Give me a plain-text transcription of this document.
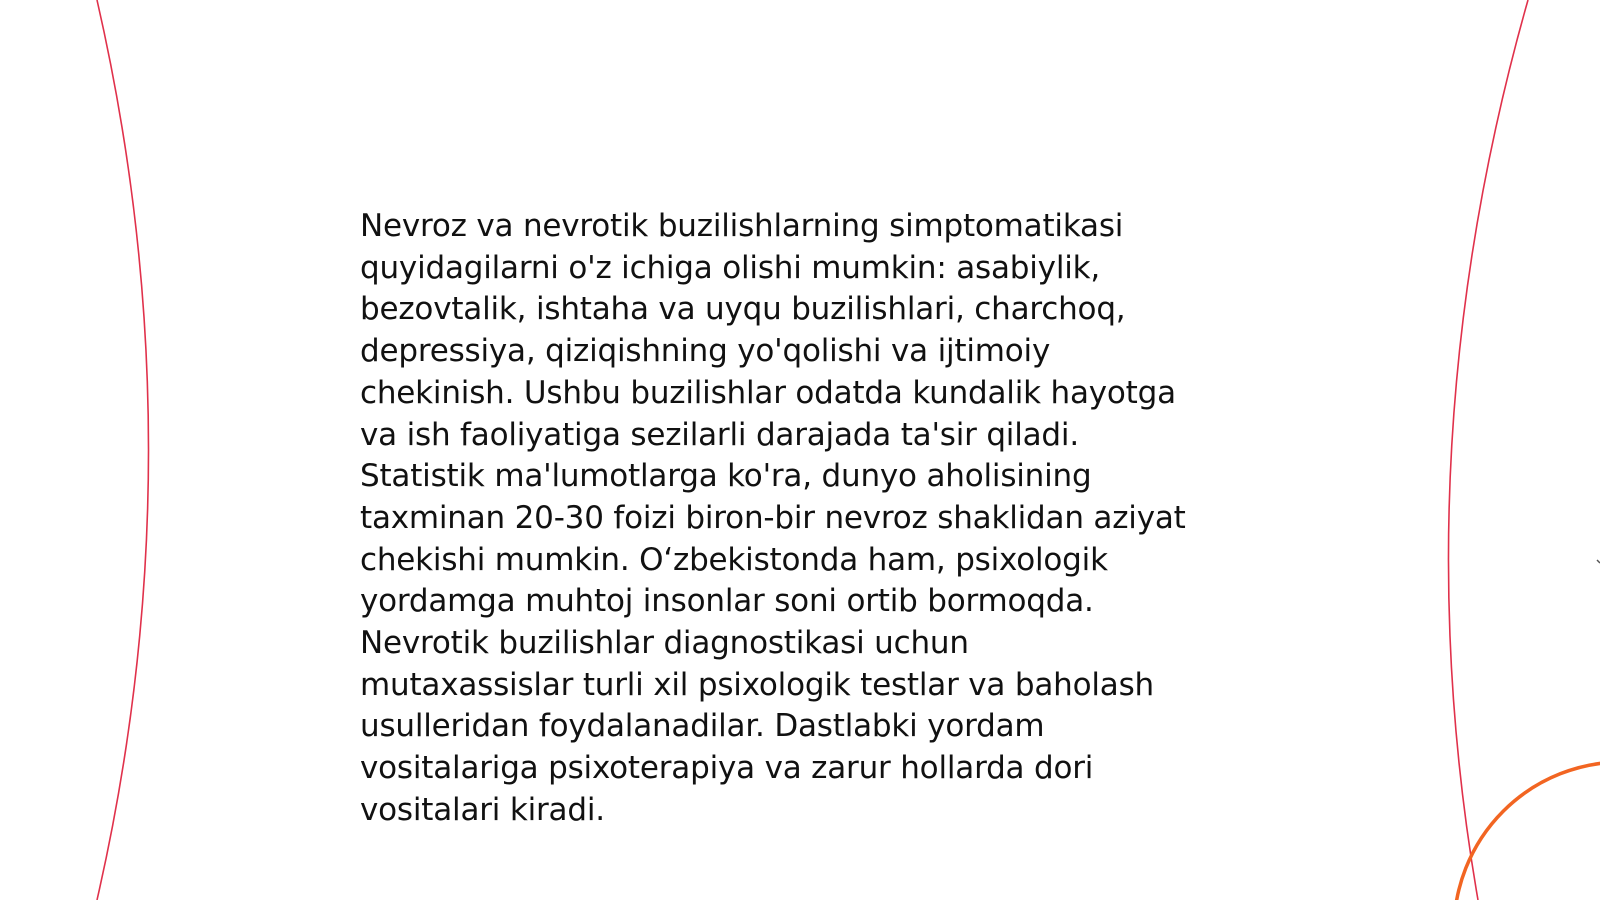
Nevroz va nevrotik buzilishlarning simptomatikasi
quyidagilarni o'z ichiga olishi mumkin: asabiylik,
bezovtalik, ishtaha va uyqu buzilishlari, charchoq,
depressiya, qiziqishning yo'qolishi va ijtimoiy
chekinish. Ushbu buzilishlar odatda kundalik hayotga
va ish faoliyatiga sezilarli darajada ta'sir qiladi.
Statistik ma'lumotlarga ko'ra, dunyo aholisining
taxminan 20-30 foizi biron-bir nevroz shaklidan aziyat
chekishi mumkin. O‘zbekistonda ham, psixologik
yordamga muhtoj insonlar soni ortib bormoqda.
Nevrotik buzilishlar diagnostikasi uchun
mutaxassislar turli xil psixologik testlar va baholash
usulleridan foydalanadilar. Dastlabki yordam
vositalariga psixoterapiya va zarur hollarda dori
vositalari kiradi.
